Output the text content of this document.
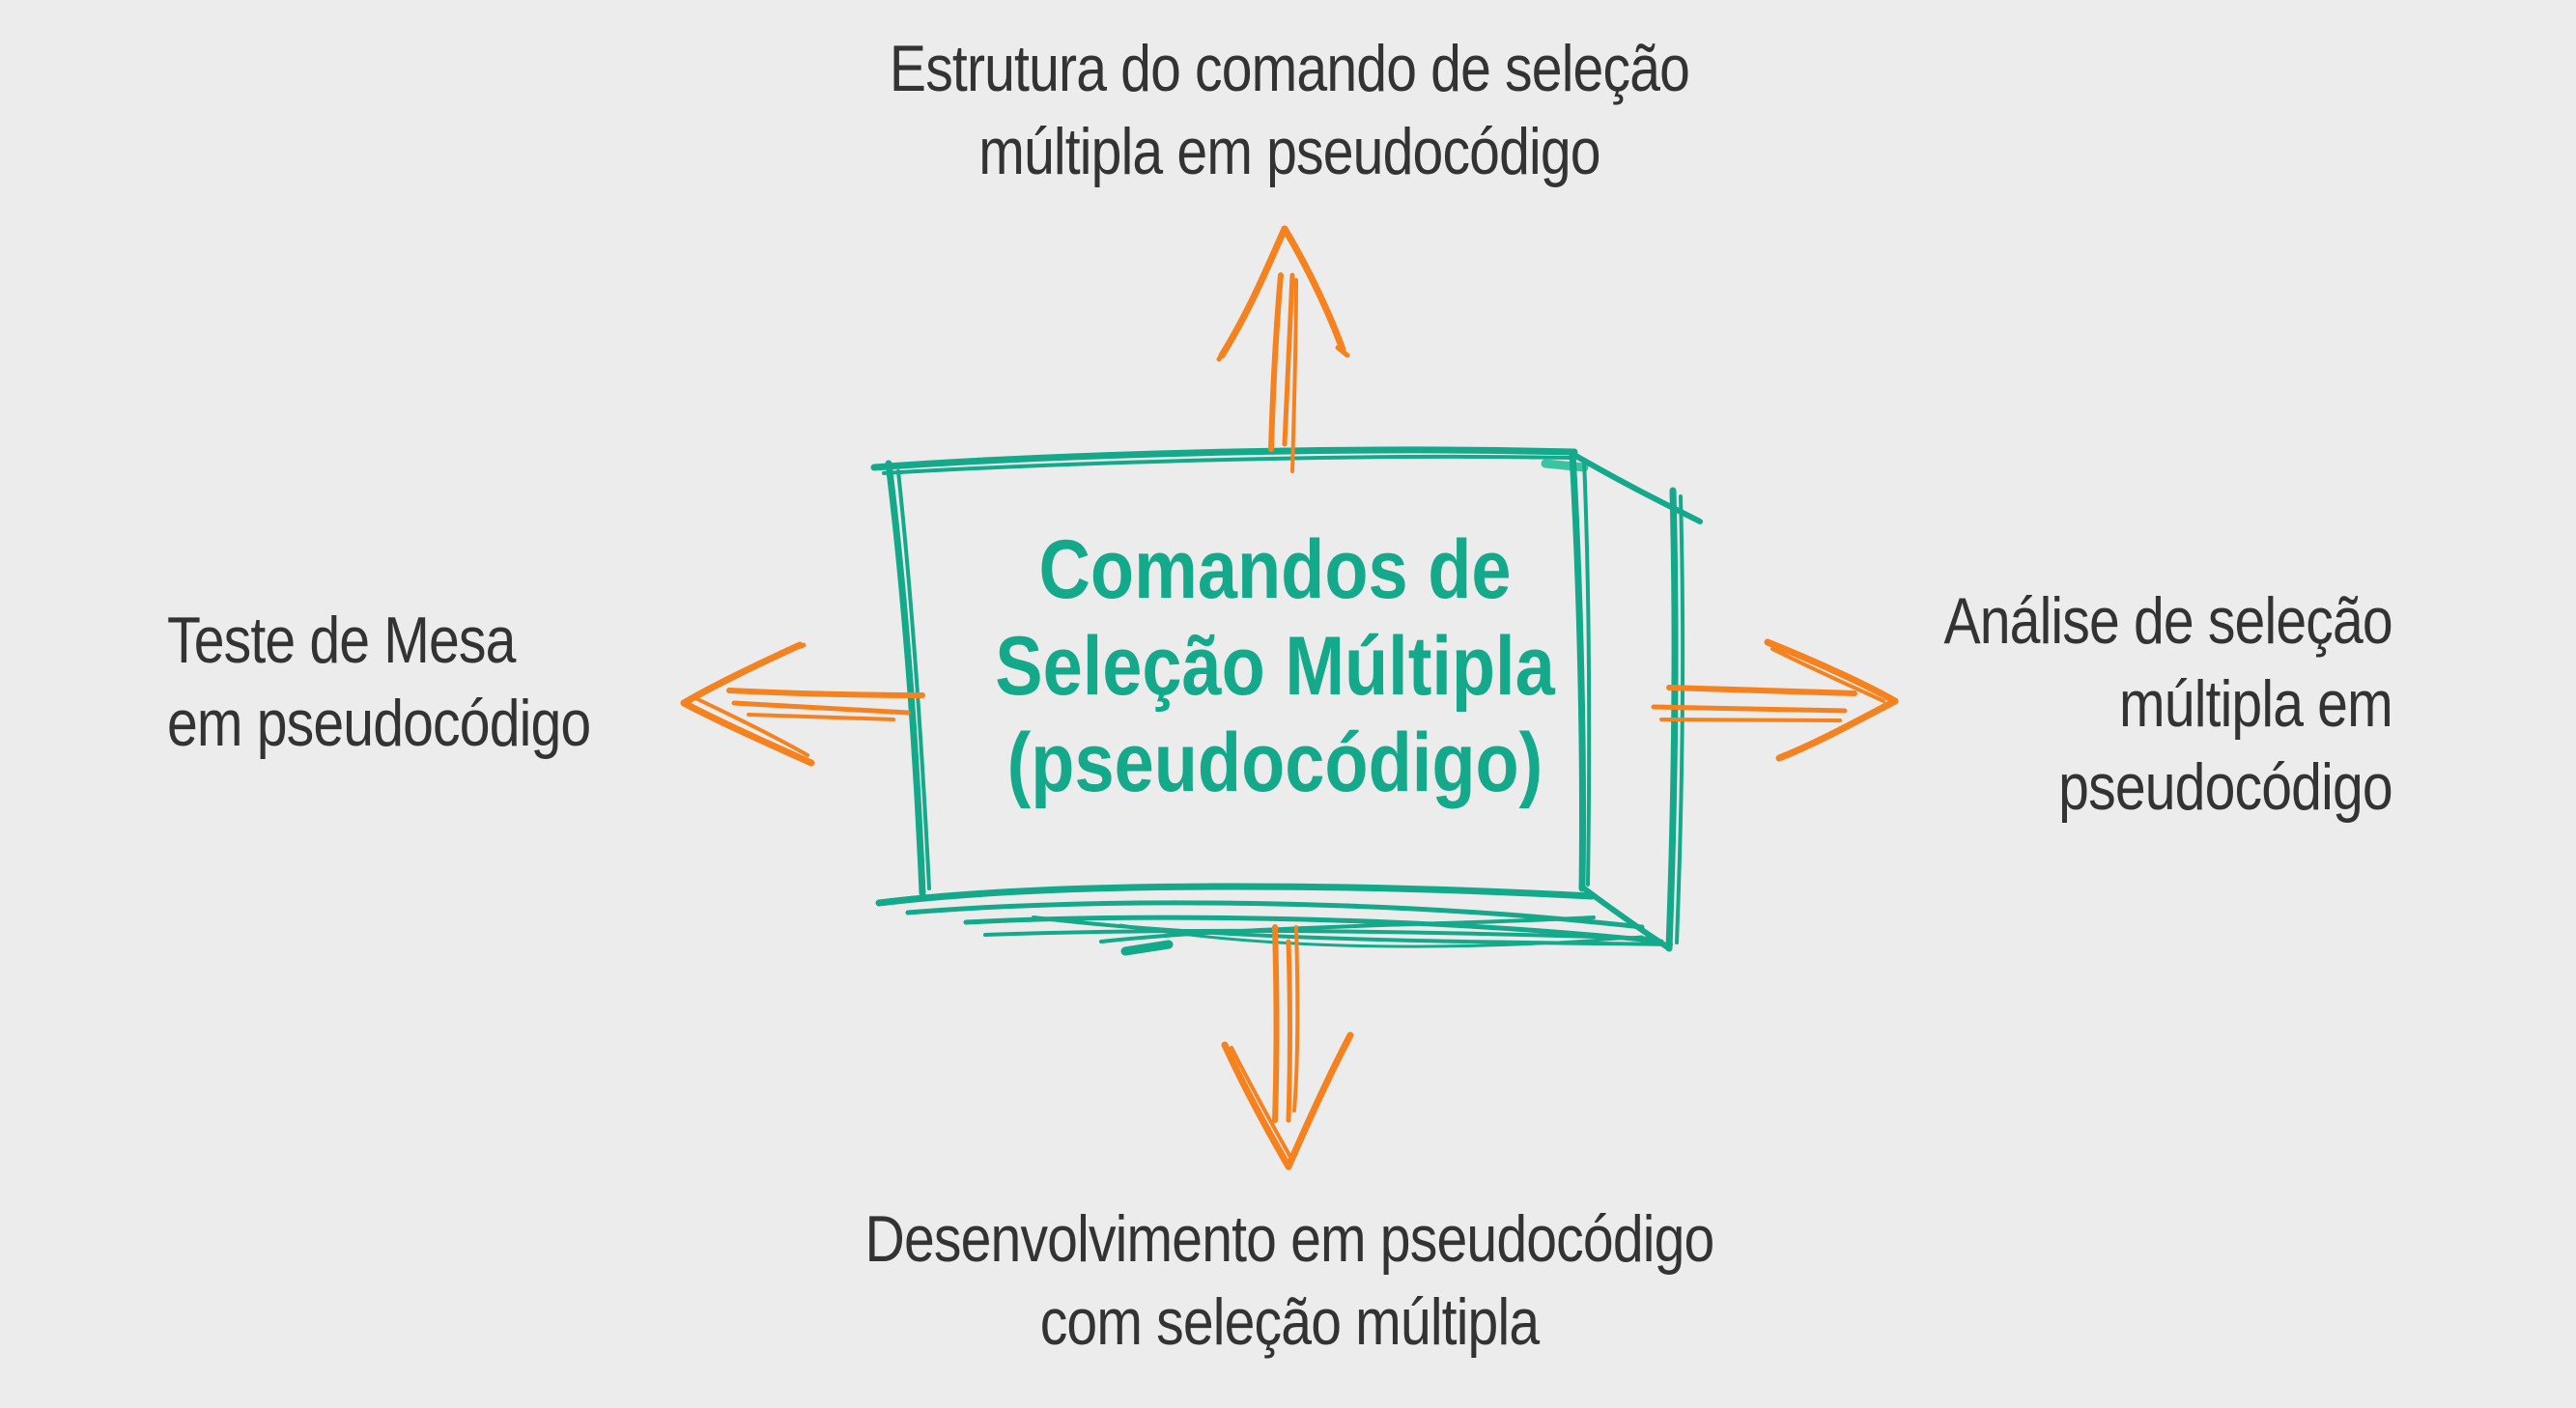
Comandos de
Seleção Múltipla
(pseudocódigo)
Estrutura do comando de seleção
múltipla em pseudocódigo
Teste de Mesa
em pseudocódigo
Análise de seleção
múltipla em
pseudocódigo
Desenvolvimento em pseudocódigo
com seleção múltipla
